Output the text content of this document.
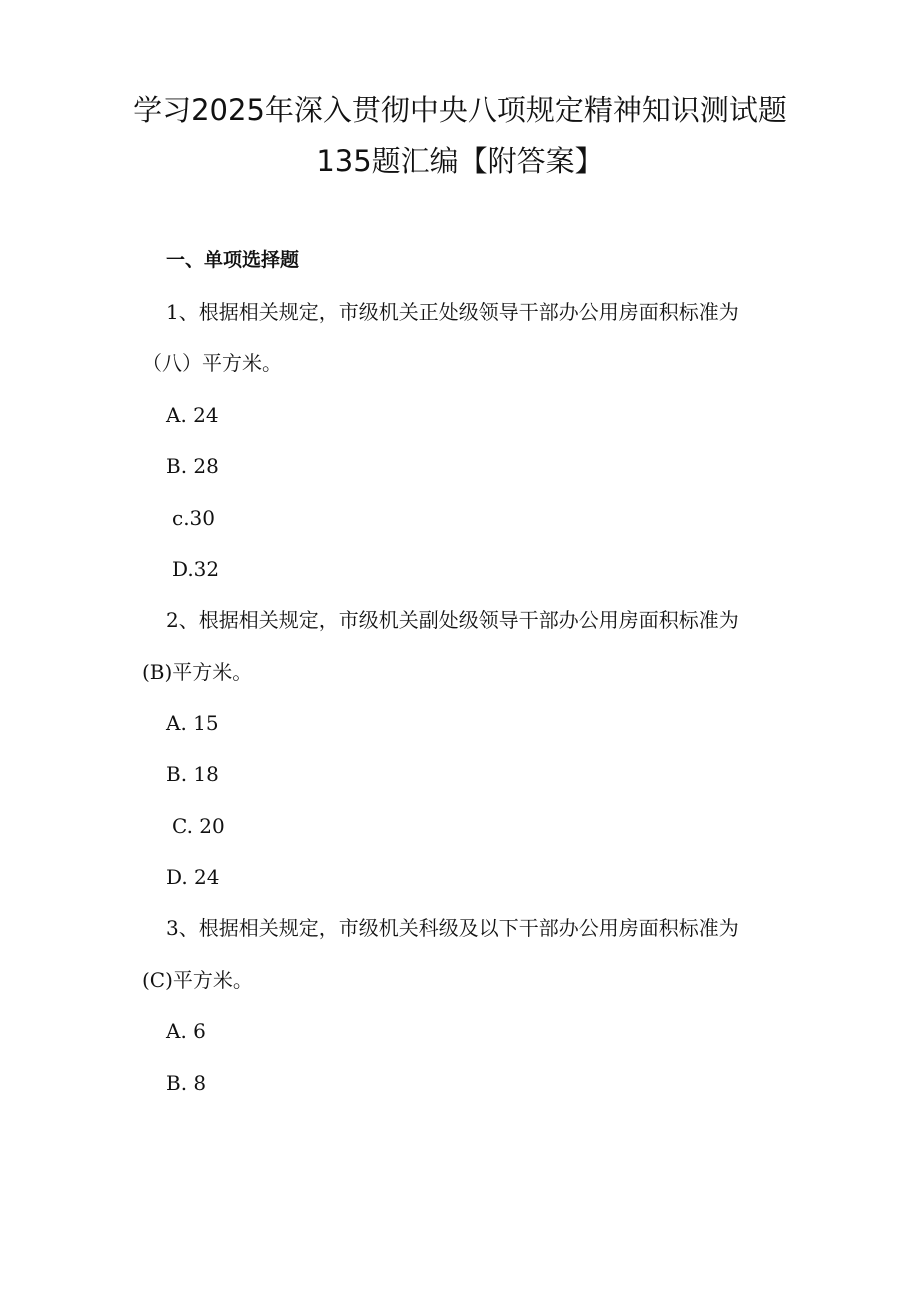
学习2025年深入贯彻中央八项规定精神知识测试题
135题汇编【附答案】
一、单项选择题
1、根据相关规定，市级机关正处级领导干部办公用房面积标准为
（八）平方米。
A. 24
B. 28
c.30
D.32
2、根据相关规定，市级机关副处级领导干部办公用房面积标准为
(B)平方米。
A. 15
B. 18
C. 20
D. 24
3、根据相关规定，市级机关科级及以下干部办公用房面积标准为
(C)平方米。
A. 6
B. 8
